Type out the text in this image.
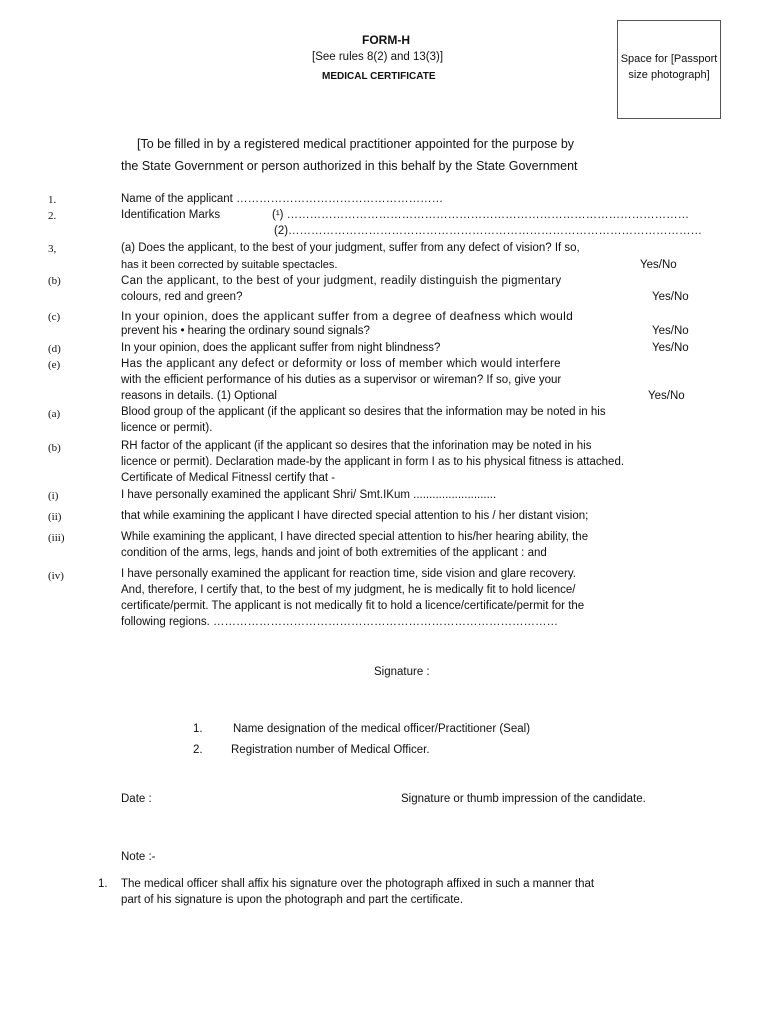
FORM-H
[See rules 8(2) and 13(3)]
MEDICAL CERTIFICATE
Space for [Passport
size photograph]
[To be filled in by a registered medical practitioner appointed for the purpose by
the State Government or person authorized in this behalf by the State Government
1.	Name of the applicant ………………………………………………
2.	Identification Marks	(¹) ……………………………………………………………………………………………
(2)………………………………………………………………………………………………
3,	(a) Does the applicant, to the best of your judgment, suffer from any defect of vision? If so,
has it been corrected by suitable spectacles.	Yes/No
(b)	Can the applicant, to the best of your judgment, readily distinguish the pigmentary
colours, red and green?	Yes/No
(c)	In your opinion, does the applicant suffer from a degree of deafness which would
prevent his • hearing the ordinary sound signals?	Yes/No
(d)	In your opinion, does the applicant suffer from night blindness?	Yes/No
(e)	Has the applicant any defect or deformity or loss of member which would interfere
with the efficient performance of his duties as a supervisor or wireman? If so, give your
reasons in details. (1) Optional	Yes/No
(a)	Blood group of the applicant (if the applicant so desires that the information may be noted in his
licence or permit).
(b)	RH factor of the applicant (if the applicant so desires that the inforination may be noted in his
licence or permit). Declaration made-by the applicant in form I as to his physical fitness is attached.
Certificate of Medical FitnessI certify that -
(i)	I have personally examined the applicant Shri/ Smt.IKum ..........................
(ii)	that while examining the applicant I have directed special attention to his / her distant vision;
(iii)	While examining the applicant, I have directed special attention to his/her hearing ability, the
condition of the arms, legs, hands and joint of both extremities of the applicant : and
(iv)	I have personally examined the applicant for reaction time, side vision and glare recovery.
And, therefore, I certify that, to the best of my judgment, he is medically fit to hold licence/
certificate/permit. The applicant is not medically fit to hold a licence/certificate/permit for the
following regions. ………………………………………………………………………………
Signature :
1.	Name designation of the medical officer/Practitioner (Seal)
2. Registration number of Medical Officer.
Date :	Signature or thumb impression of the candidate.
Note :-
1. The medical officer shall affix his signature over the photograph affixed in such a manner that
part of his signature is upon the photograph and part the certificate.
